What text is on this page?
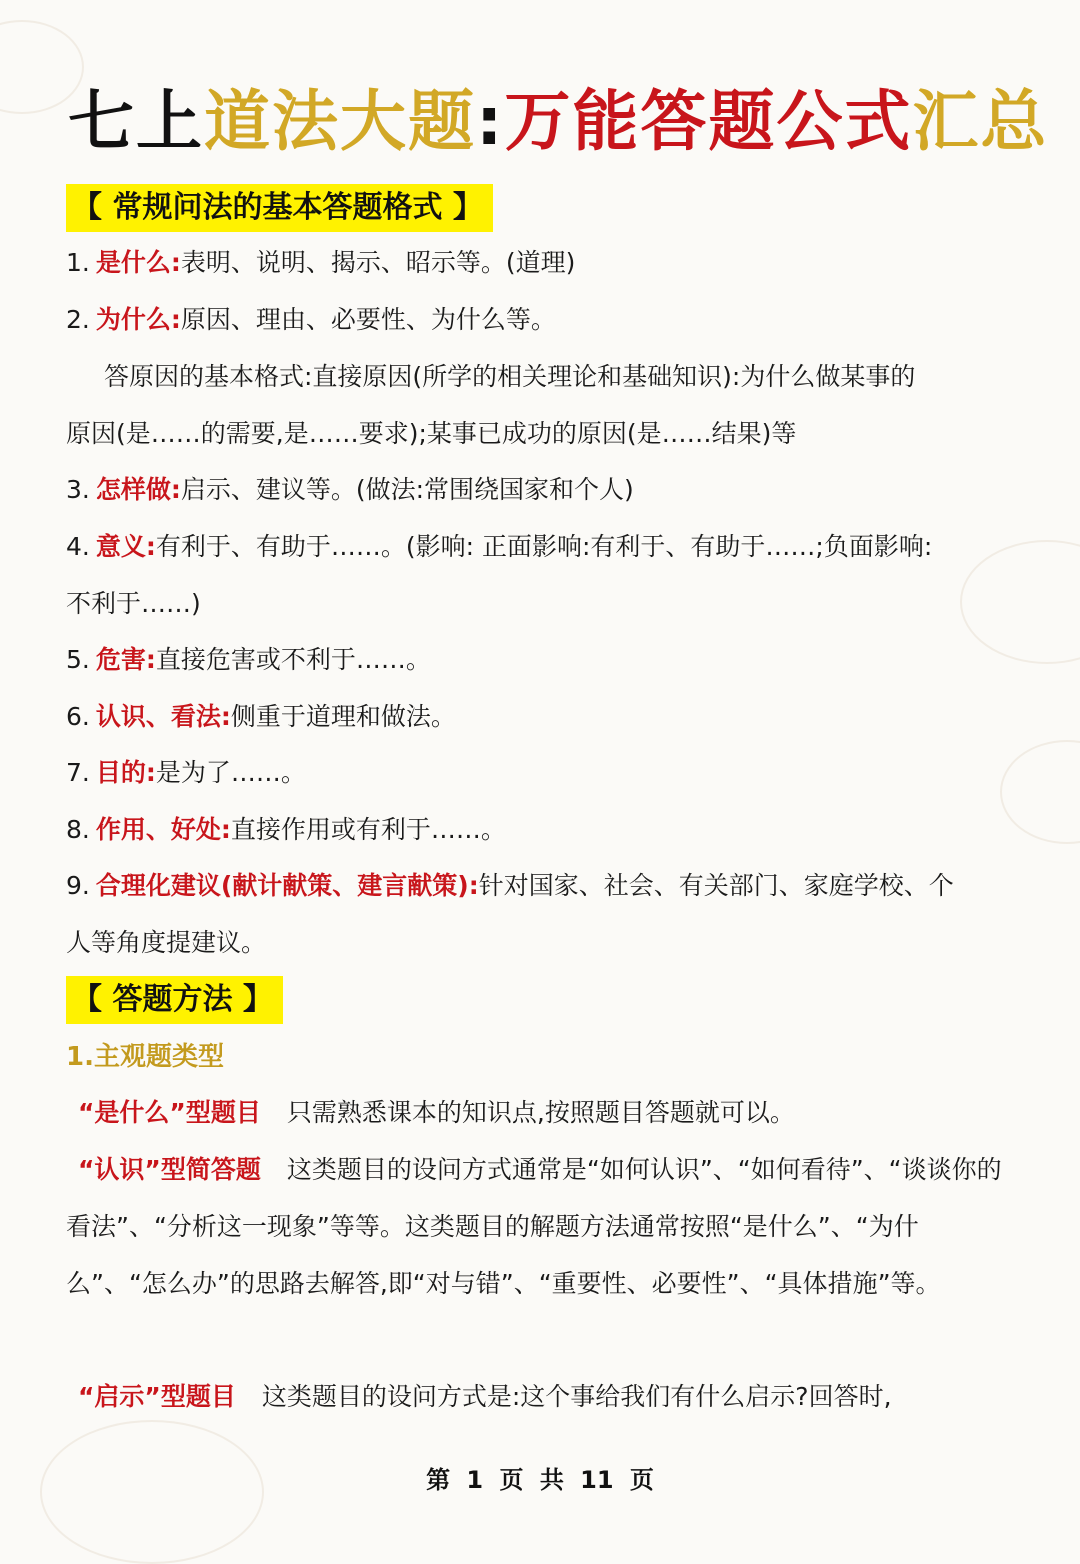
七上道法大题:万能答题公式汇总
【 常规问法的基本答题格式 】
1. 是什么:表明、说明、揭示、昭示等。(道理)
2. 为什么:原因、理由、必要性、为什么等。
答原因的基本格式:直接原因(所学的相关理论和基础知识):为什么做某事的
原因(是……的需要,是……要求);某事已成功的原因(是……结果)等
3. 怎样做:启示、建议等。(做法:常围绕国家和个人)
4. 意义:有利于、有助于……。(影响: 正面影响:有利于、有助于……;负面影响:
不利于……)
5. 危害:直接危害或不利于……。
6. 认识、看法:侧重于道理和做法。
7. 目的:是为了……。
8. 作用、好处:直接作用或有利于……。
9. 合理化建议(献计献策、建言献策):针对国家、社会、有关部门、家庭学校、个
人等角度提建议。
【 答题方法 】
1.主观题类型
“是什么”型题目 只需熟悉课本的知识点,按照题目答题就可以。
“认识”型简答题 这类题目的设问方式通常是“如何认识”、“如何看待”、“谈谈你的看法”、“分析这一现象”等等。这类题目的解题方法通常按照“是什么”、“为什么”、“怎么办”的思路去解答,即“对与错”、“重要性、必要性”、“具体措施”等。
“启示”型题目 这类题目的设问方式是:这个事给我们有什么启示?回答时,
第 1 页 共 11 页
